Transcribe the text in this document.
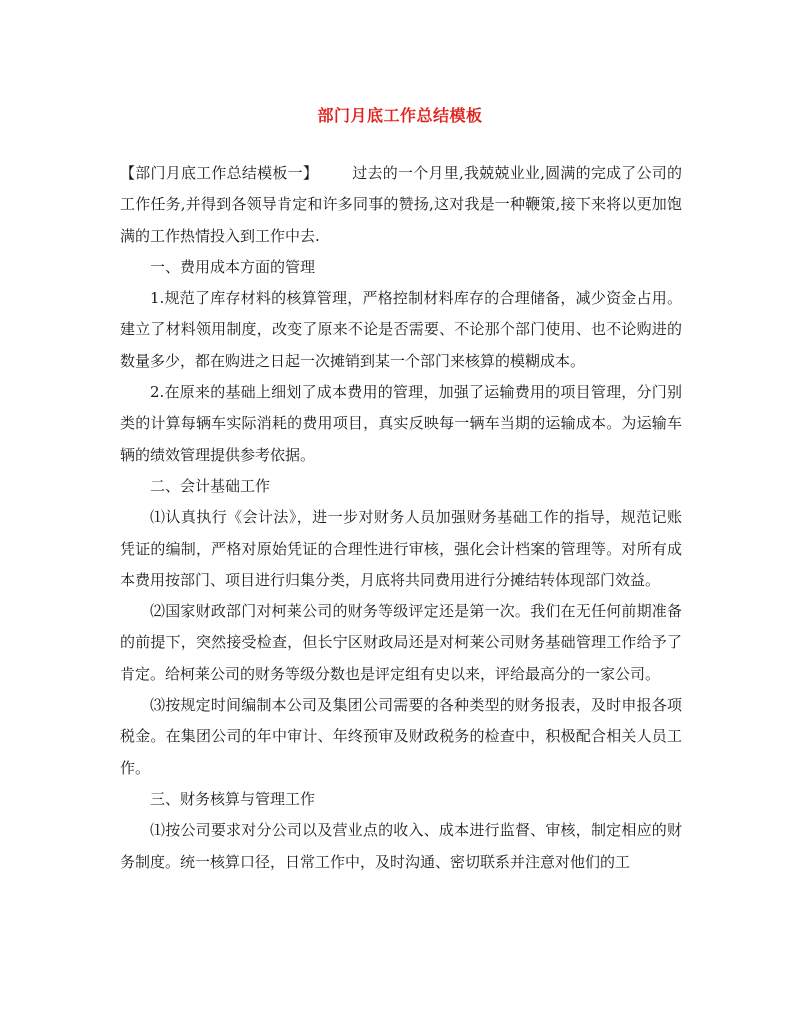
部门月底工作总结模板

【部门月底工作总结模板一】 过去的一个月里,我兢兢业业,圆满的完成了公司的工作任务,并得到各领导肯定和许多同事的赞扬,这对我是一种鞭策,接下来将以更加饱满的工作热情投入到工作中去.

一、费用成本方面的管理

1.规范了库存材料的核算管理，严格控制材料库存的合理储备，减少资金占用。建立了材料领用制度，改变了原来不论是否需要、不论那个部门使用、也不论购进的数量多少，都在购进之日起一次摊销到某一个部门来核算的模糊成本。

2.在原来的基础上细划了成本费用的管理，加强了运输费用的项目管理，分门别类的计算每辆车实际消耗的费用项目，真实反映每一辆车当期的运输成本。为运输车辆的绩效管理提供参考依据。

二、会计基础工作

⑴认真执行《会计法》，进一步对财务人员加强财务基础工作的指导，规范记账凭证的编制，严格对原始凭证的合理性进行审核，强化会计档案的管理等。对所有成本费用按部门、项目进行归集分类，月底将共同费用进行分摊结转体现部门效益。

⑵国家财政部门对柯莱公司的财务等级评定还是第一次。我们在无任何前期准备的前提下，突然接受检查，但长宁区财政局还是对柯莱公司财务基础管理工作给予了肯定。给柯莱公司的财务等级分数也是评定组有史以来，评给最高分的一家公司。

⑶按规定时间编制本公司及集团公司需要的各种类型的财务报表，及时申报各项税金。在集团公司的年中审计、年终预审及财政税务的检查中，积极配合相关人员工作。

三、财务核算与管理工作

⑴按公司要求对分公司以及营业点的收入、成本进行监督、审核，制定相应的财务制度。统一核算口径，日常工作中，及时沟通、密切联系并注意对他们的工
